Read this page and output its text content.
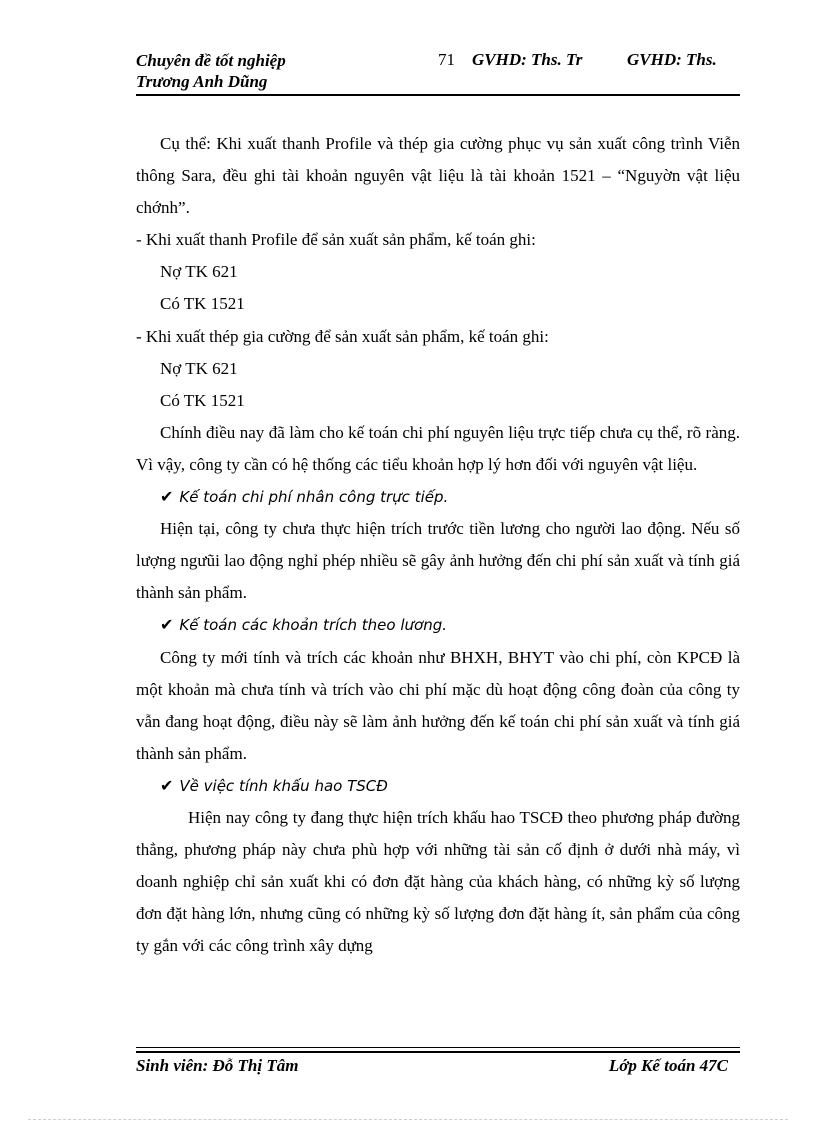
Chuyên đề tốt nghiệp
Trương Anh Dũng
71 GVHD: Ths. Tr	GVHD: Ths.

Cụ thể: Khi xuất thanh Profile và thép gia cường phục vụ sản xuất công trình Viễn thông Sara, đều ghi tài khoản nguyên vật liệu là tài khoản 1521 – “Nguyờn vật liệu chớnh”.

- Khi xuất thanh Profile để sản xuất sản phẩm, kế toán ghi:

Nợ TK 621

Có TK 1521

- Khi xuất thép gia cường để sản xuất sản phẩm, kế toán ghi:

Nợ TK 621

Có TK 1521

Chính điều nay đã làm cho kế toán chi phí nguyên liệu trực tiếp chưa cụ thể, rõ ràng. Vì vậy, công ty cần có hệ thống các tiểu khoản hợp lý hơn đối với nguyên vật liệu.

✔ Kế toán chi phí nhân công trực tiếp.

Hiện tại, công ty chưa thực hiện trích trước tiền lương cho người lao động. Nếu số lượng ngưũi lao động nghỉ phép nhiều sẽ gây ảnh hưởng đến chi phí sản xuất và tính giá thành sản phẩm.

✔ Kế toán các khoản trích theo lương.

Công ty mới tính và trích các khoản như BHXH, BHYT vào chi phí, còn KPCĐ là một khoản mà chưa tính và trích vào chi phí mặc dù hoạt động công đoàn của công ty vẫn đang hoạt động, điều này sẽ làm ảnh hưởng đến kế toán chi phí sản xuất và tính giá thành sản phẩm.

✔ Về việc tính khấu hao TSCĐ

Hiện nay công ty đang thực hiện trích khấu hao TSCĐ theo phương pháp đường thẳng, phương pháp này chưa phù hợp với những tài sản cố định ở dưới nhà máy, vì doanh nghiệp chỉ sản xuất khi có đơn đặt hàng của khách hàng, có những kỳ số lượng đơn đặt hàng lớn, nhưng cũng có những kỳ số lượng đơn đặt hàng ít, sản phẩm của công ty gắn với các công trình xây dựng

Sinh viên: Đỗ Thị Tâm	Lớp Kế toán 47C
